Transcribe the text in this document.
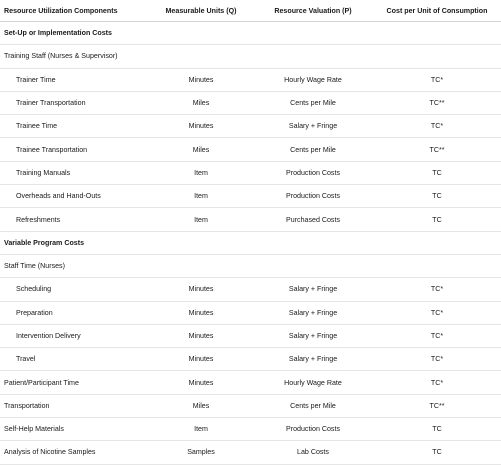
Resource Utilization Components	Measurable Units (Q)	Resource Valuation (P)	Cost per Unit of Consumption
Set-Up or Implementation Costs			
Training Staff (Nurses & Supervisor)			
Trainer Time	Minutes	Hourly Wage Rate	TC*
Trainer Transportation	Miles	Cents per Mile	TC**
Trainee Time	Minutes	Salary + Fringe	TC*
Trainee Transportation	Miles	Cents per Mile	TC**
Training Manuals	Item	Production Costs	TC
Overheads and Hand-Outs	Item	Production Costs	TC
Refreshments	Item	Purchased Costs	TC
Variable Program Costs			
Staff Time (Nurses)			
Scheduling	Minutes	Salary + Fringe	TC*
Preparation	Minutes	Salary + Fringe	TC*
Intervention Delivery	Minutes	Salary + Fringe	TC*
Travel	Minutes	Salary + Fringe	TC*
Patient/Participant Time	Minutes	Hourly Wage Rate	TC*
Transportation	Miles	Cents per Mile	TC**
Self-Help Materials	Item	Production Costs	TC
Analysis of Nicotine Samples	Samples	Lab Costs	TC
